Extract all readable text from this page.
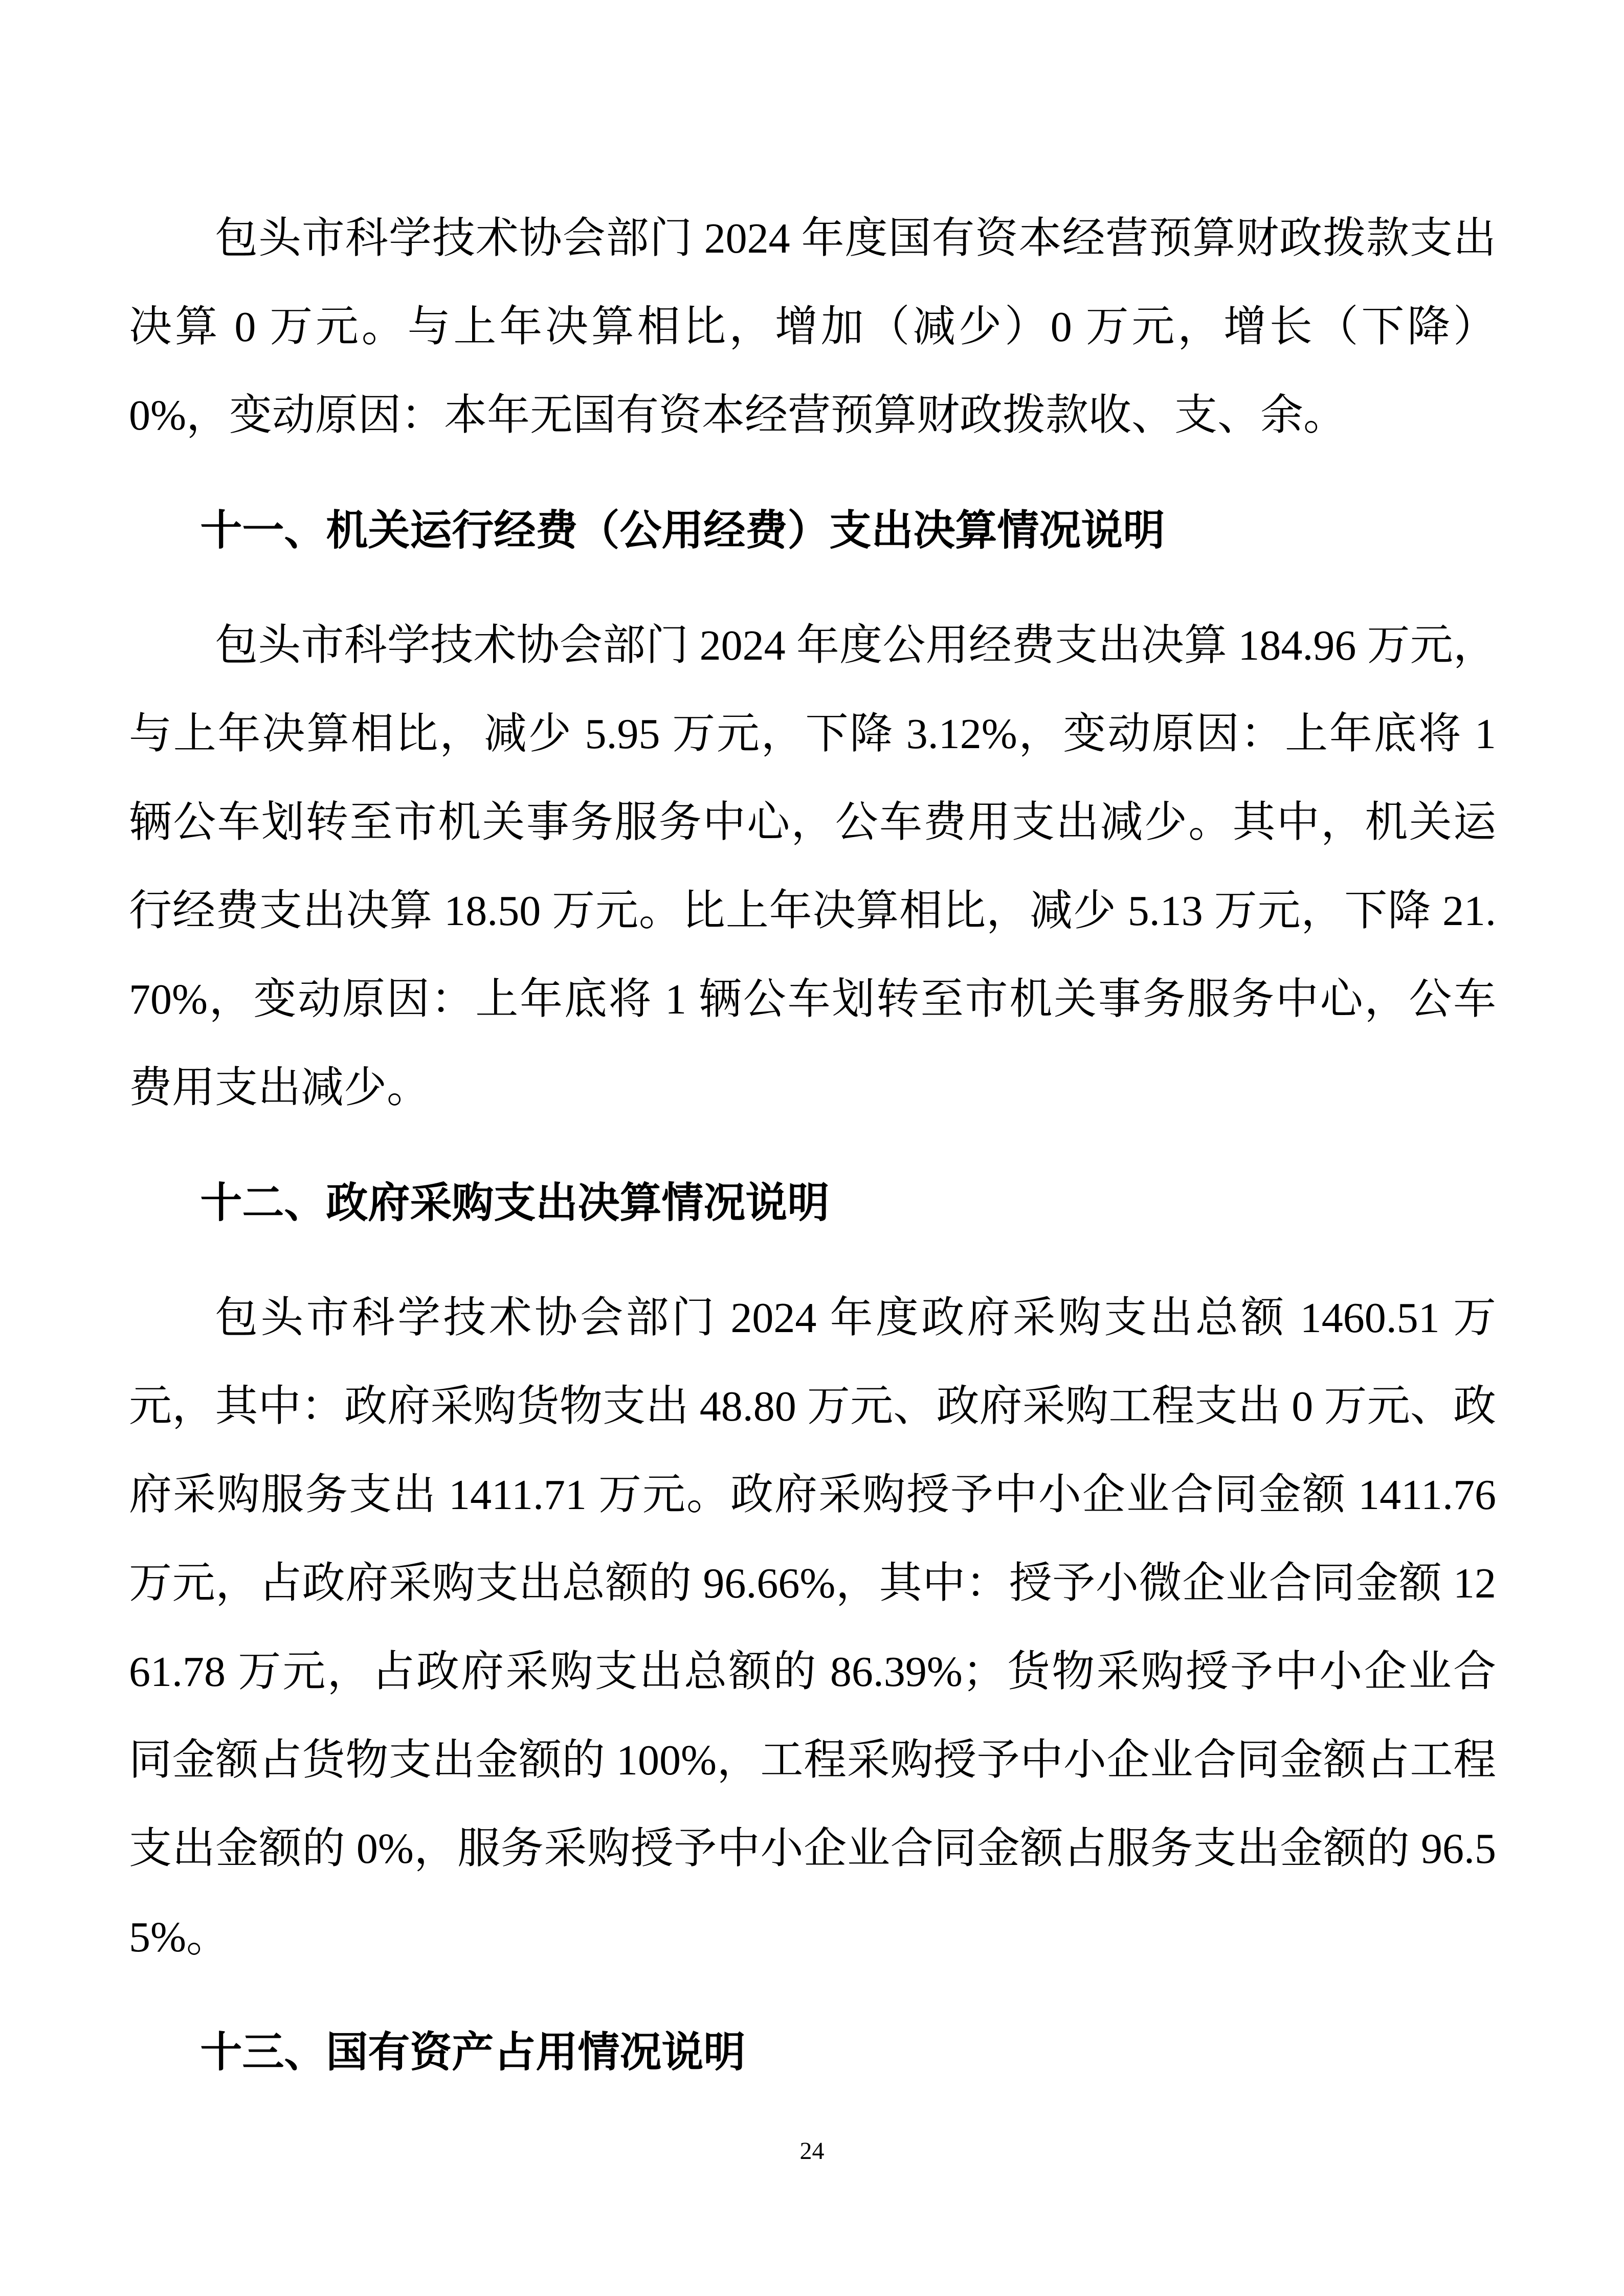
包头市科学技术协会部门 2024 年度国有资本经营预算财政拨款支出决算 0 万元。与上年决算相比，增加（减少）0 万元，增长（下降）0%，变动原因：本年无国有资本经营预算财政拨款收、支、余。

十一、机关运行经费（公用经费）支出决算情况说明

包头市科学技术协会部门 2024 年度公用经费支出决算 184.96 万元，与上年决算相比，减少 5.95 万元，下降 3.12%，变动原因：上年底将 1 辆公车划转至市机关事务服务中心，公车费用支出减少。其中，机关运行经费支出决算 18.50 万元。比上年决算相比，减少 5.13 万元，下降 21.70%，变动原因：上年底将 1 辆公车划转至市机关事务服务中心，公车费用支出减少。

十二、政府采购支出决算情况说明

包头市科学技术协会部门 2024 年度政府采购支出总额 1460.51 万元，其中：政府采购货物支出 48.80 万元、政府采购工程支出 0 万元、政府采购服务支出 1411.71 万元。政府采购授予中小企业合同金额 1411.76 万元，占政府采购支出总额的 96.66%，其中：授予小微企业合同金额 1261.78 万元，占政府采购支出总额的 86.39%；货物采购授予中小企业合同金额占货物支出金额的 100%，工程采购授予中小企业合同金额占工程支出金额的 0%，服务采购授予中小企业合同金额占服务支出金额的 96.55%。

十三、国有资产占用情况说明
24
